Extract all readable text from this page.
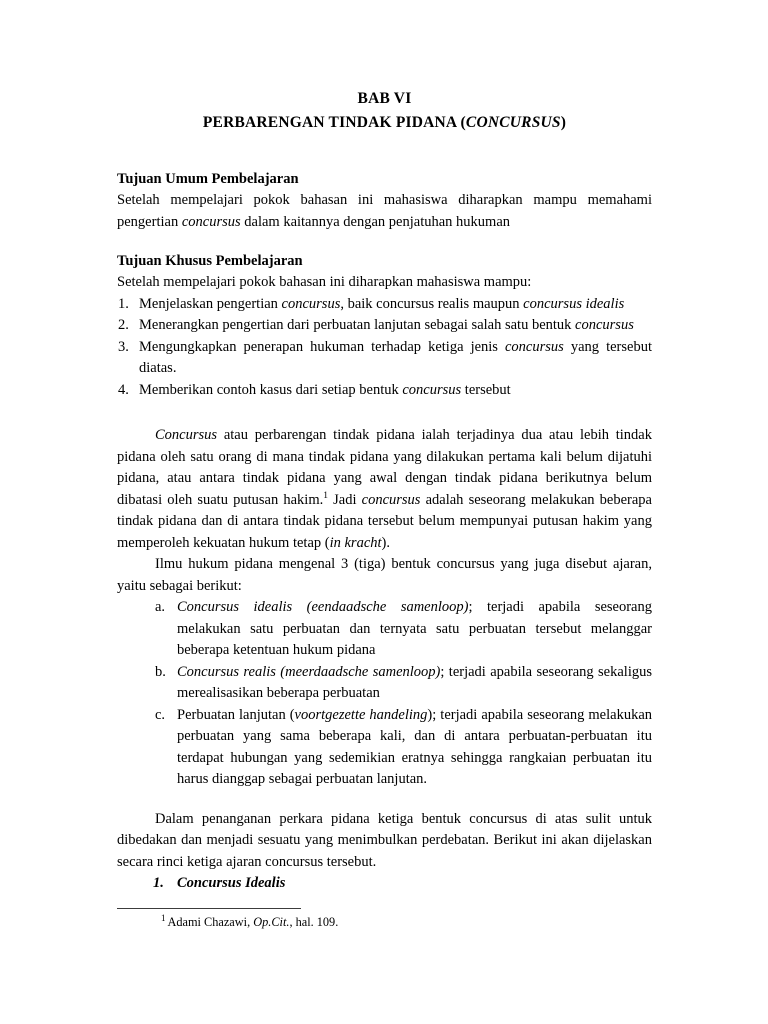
BAB VI
PERBARENGAN TINDAK PIDANA (CONCURSUS)
Tujuan Umum Pembelajaran

Setelah mempelajari pokok bahasan ini mahasiswa diharapkan mampu memahami pengertian concursus dalam kaitannya dengan penjatuhan hukuman

Tujuan Khusus Pembelajaran

Setelah mempelajari pokok bahasan ini diharapkan mahasiswa mampu:

1. Menjelaskan pengertian concursus, baik concursus realis maupun concursus idealis
2. Menerangkan pengertian dari perbuatan lanjutan sebagai salah satu bentuk concursus
3. Mengungkapkan penerapan hukuman terhadap ketiga jenis concursus yang tersebut diatas.
4. Memberikan contoh kasus dari setiap bentuk concursus tersebut

Concursus atau perbarengan tindak pidana ialah terjadinya dua atau lebih tindak pidana oleh satu orang di mana tindak pidana yang dilakukan pertama kali belum dijatuhi pidana, atau antara tindak pidana yang awal dengan tindak pidana berikutnya belum dibatasi oleh suatu putusan hakim.$^1$ Jadi concursus adalah seseorang melakukan beberapa tindak pidana dan di antara tindak pidana tersebut belum mempunyai putusan hakim yang memperoleh kekuatan hukum tetap (in kracht).

Ilmu hukum pidana mengenal 3 (tiga) bentuk concursus yang juga disebut ajaran, yaitu sebagai berikut:

a. Concursus idealis (eendaadsche samenloop); terjadi apabila seseorang melakukan satu perbuatan dan ternyata satu perbuatan tersebut melanggar beberapa ketentuan hukum pidana
b. Concursus realis (meerdaadsche samenloop); terjadi apabila seseorang sekaligus merealisasikan beberapa perbuatan
c. Perbuatan lanjutan (voortgezette handeling); terjadi apabila seseorang melakukan perbuatan yang sama beberapa kali, dan di antara perbuatan-perbuatan itu terdapat hubungan yang sedemikian eratnya sehingga rangkaian perbuatan itu harus dianggap sebagai perbuatan lanjutan.

Dalam penanganan perkara pidana ketiga bentuk concursus di atas sulit untuk dibedakan dan menjadi sesuatu yang menimbulkan perdebatan. Berikut ini akan dijelaskan secara rinci ketiga ajaran concursus tersebut.

1. Concursus Idealis

$^1$ Adami Chazawi, Op.Cit., hal. 109.
